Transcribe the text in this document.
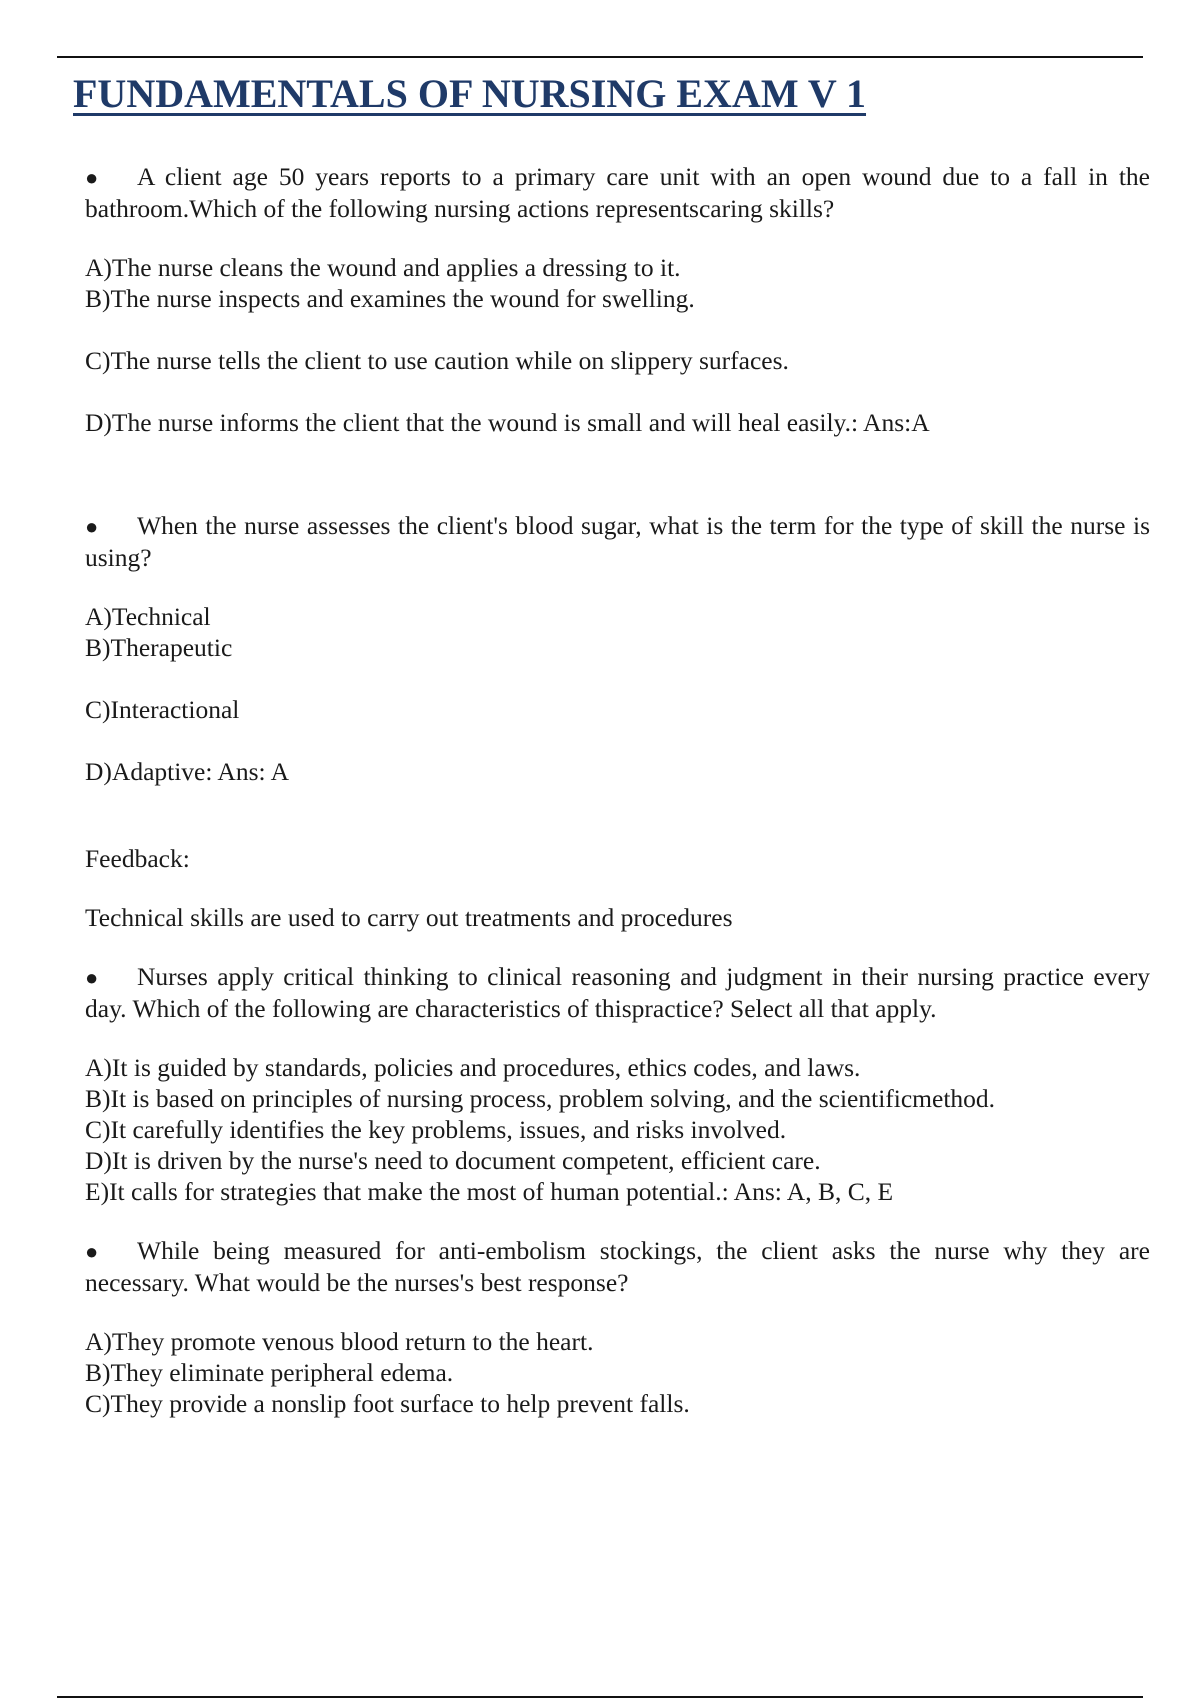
FUNDAMENTALS OF NURSING EXAM V 1

● A client age 50 years reports to a primary care unit with an open wound due to a fall in the bathroom.Which of the following nursing actions representscaring skills?

A)The nurse cleans the wound and applies a dressing to it.

B)The nurse inspects and examines the wound for swelling.

C)The nurse tells the client to use caution while on slippery surfaces.

D)The nurse informs the client that the wound is small and will heal easily.: Ans:A

● When the nurse assesses the client's blood sugar, what is the term for the type of skill the nurse is using?

A)Technical

B)Therapeutic

C)Interactional

D)Adaptive: Ans: A

Feedback:

Technical skills are used to carry out treatments and procedures

● Nurses apply critical thinking to clinical reasoning and judgment in their nursing practice every day. Which of the following are characteristics of thispractice? Select all that apply.

A)It is guided by standards, policies and procedures, ethics codes, and laws.

B)It is based on principles of nursing process, problem solving, and the scientificmethod.

C)It carefully identifies the key problems, issues, and risks involved.

D)It is driven by the nurse's need to document competent, efficient care.

E)It calls for strategies that make the most of human potential.: Ans: A, B, C, E

● While being measured for anti-embolism stockings, the client asks the nurse why they are necessary. What would be the nurses's best response?

A)They promote venous blood return to the heart.

B)They eliminate peripheral edema.

C)They provide a nonslip foot surface to help prevent falls.
